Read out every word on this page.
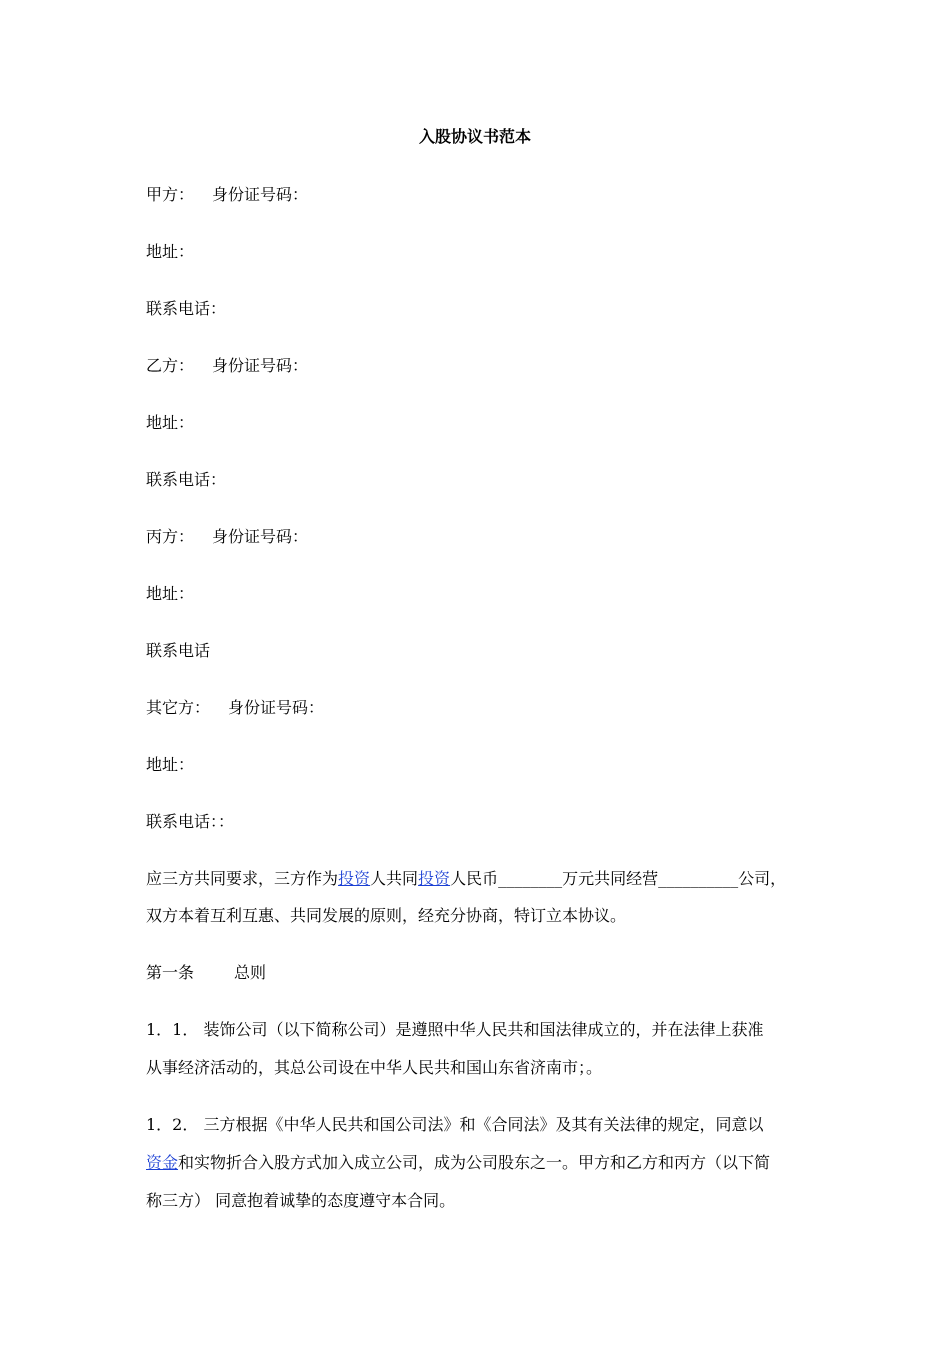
入股协议书范本
甲方： 身份证号码：
地址：
联系电话：
乙方： 身份证号码：
地址：
联系电话：
丙方： 身份证号码：
地址：
联系电话
其它方： 身份证号码：
地址：
联系电话：：
应三方共同要求，三方作为投资人共同投资人民币________万元共同经营__________公司，
双方本着互利互惠、共同发展的原则，经充分协商，特订立本协议。
第一条	总则
1．1． 装饰公司（以下简称公司）是遵照中华人民共和国法律成立的，并在法律上获准
从事经济活动的，其总公司设在中华人民共和国山东省济南市；。
1．2． 三方根据《中华人民共和国公司法》和《合同法》及其有关法律的规定，同意以
资金和实物折合入股方式加入成立公司，成为公司股东之一。甲方和乙方和丙方（以下简
称三方） 同意抱着诚挚的态度遵守本合同。
